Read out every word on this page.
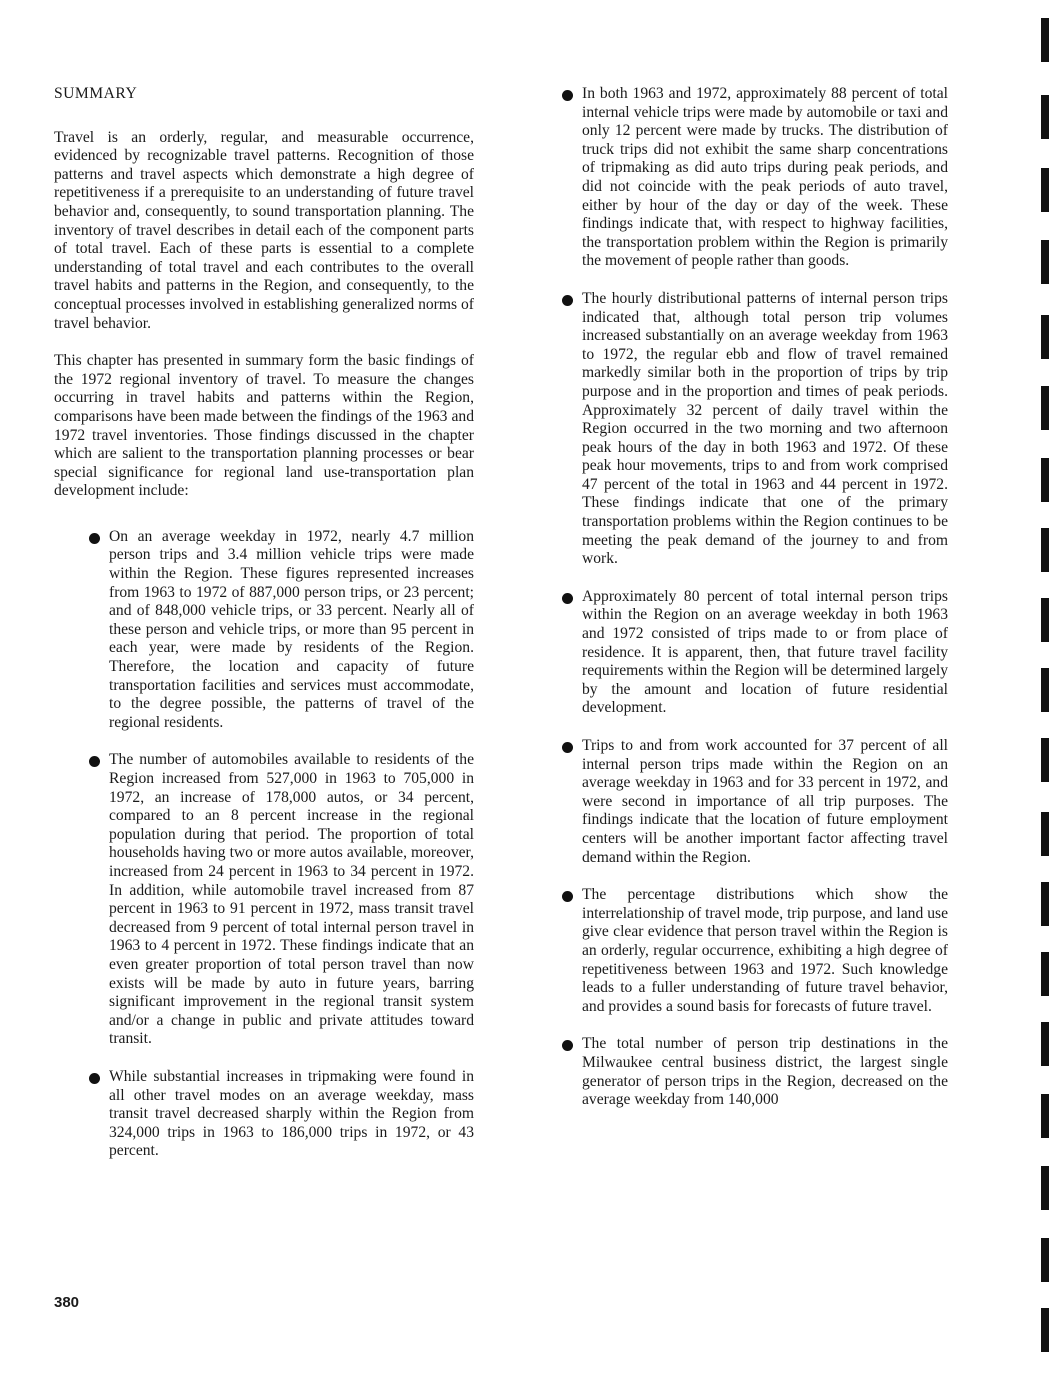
SUMMARY

Travel is an orderly, regular, and measurable occurrence, evidenced by recognizable travel patterns. Recognition of those patterns and travel aspects which demonstrate a high degree of repetitiveness if a prerequisite to an understanding of future travel behavior and, consequently, to sound transportation planning. The inventory of travel describes in detail each of the component parts of total travel. Each of these parts is essential to a complete understanding of total travel and each contributes to the overall travel habits and patterns in the Region, and consequently, to the conceptual processes involved in establishing generalized norms of travel behavior.

This chapter has presented in summary form the basic findings of the 1972 regional inventory of travel. To measure the changes occurring in travel habits and patterns within the Region, comparisons have been made between the findings of the 1963 and 1972 travel inventories. Those findings discussed in the chapter which are salient to the transportation planning processes or bear special significance for regional land use-transportation plan development include:

On an average weekday in 1972, nearly 4.7 million person trips and 3.4 million vehicle trips were made within the Region. These figures represented increases from 1963 to 1972 of 887,000 person trips, or 23 percent; and of 848,000 vehicle trips, or 33 percent. Nearly all of these person and vehicle trips, or more than 95 percent in each year, were made by residents of the Region. Therefore, the location and capacity of future transportation facilities and services must accommodate, to the degree possible, the patterns of travel of the regional residents.
The number of automobiles available to residents of the Region increased from 527,000 in 1963 to 705,000 in 1972, an increase of 178,000 autos, or 34 percent, compared to an 8 percent increase in the regional population during that period. The proportion of total households having two or more autos available, moreover, increased from 24 percent in 1963 to 34 percent in 1972. In addition, while automobile travel increased from 87 percent in 1963 to 91 percent in 1972, mass transit travel decreased from 9 percent of total internal person travel in 1963 to 4 percent in 1972. These findings indicate that an even greater proportion of total person travel than now exists will be made by auto in future years, barring significant improvement in the regional transit system and/or a change in public and private attitudes toward transit.
While substantial increases in tripmaking were found in all other travel modes on an average weekday, mass transit travel decreased sharply within the Region from 324,000 trips in 1963 to 186,000 trips in 1972, or 43 percent.
In both 1963 and 1972, approximately 88 percent of total internal vehicle trips were made by automobile or taxi and only 12 percent were made by trucks. The distribution of truck trips did not exhibit the same sharp concentrations of tripmaking as did auto trips during peak periods, and did not coincide with the peak periods of auto travel, either by hour of the day or day of the week. These findings indicate that, with respect to highway facilities, the transportation problem within the Region is primarily the movement of people rather than goods.
The hourly distributional patterns of internal person trips indicated that, although total person trip volumes increased substantially on an average weekday from 1963 to 1972, the regular ebb and flow of travel remained markedly similar both in the proportion of trips by trip purpose and in the proportion and times of peak periods. Approximately 32 percent of daily travel within the Region occurred in the two morning and two afternoon peak hours of the day in both 1963 and 1972. Of these peak hour movements, trips to and from work comprised 47 percent of the total in 1963 and 44 percent in 1972. These findings indicate that one of the primary transportation problems within the Region continues to be meeting the peak demand of the journey to and from work.
Approximately 80 percent of total internal person trips within the Region on an average weekday in both 1963 and 1972 consisted of trips made to or from place of residence. It is apparent, then, that future travel facility requirements within the Region will be determined largely by the amount and location of future residential development.
Trips to and from work accounted for 37 percent of all internal person trips made within the Region on an average weekday in 1963 and for 33 percent in 1972, and were second in importance of all trip purposes. The findings indicate that the location of future employment centers will be another important factor affecting travel demand within the Region.
The percentage distributions which show the interrelationship of travel mode, trip purpose, and land use give clear evidence that person travel within the Region is an orderly, regular occurrence, exhibiting a high degree of repetitiveness between 1963 and 1972. Such knowledge leads to a fuller understanding of future travel behavior, and provides a sound basis for forecasts of future travel.
The total number of person trip destinations in the Milwaukee central business district, the largest single generator of person trips in the Region, decreased on the average weekday from 140,000
380
